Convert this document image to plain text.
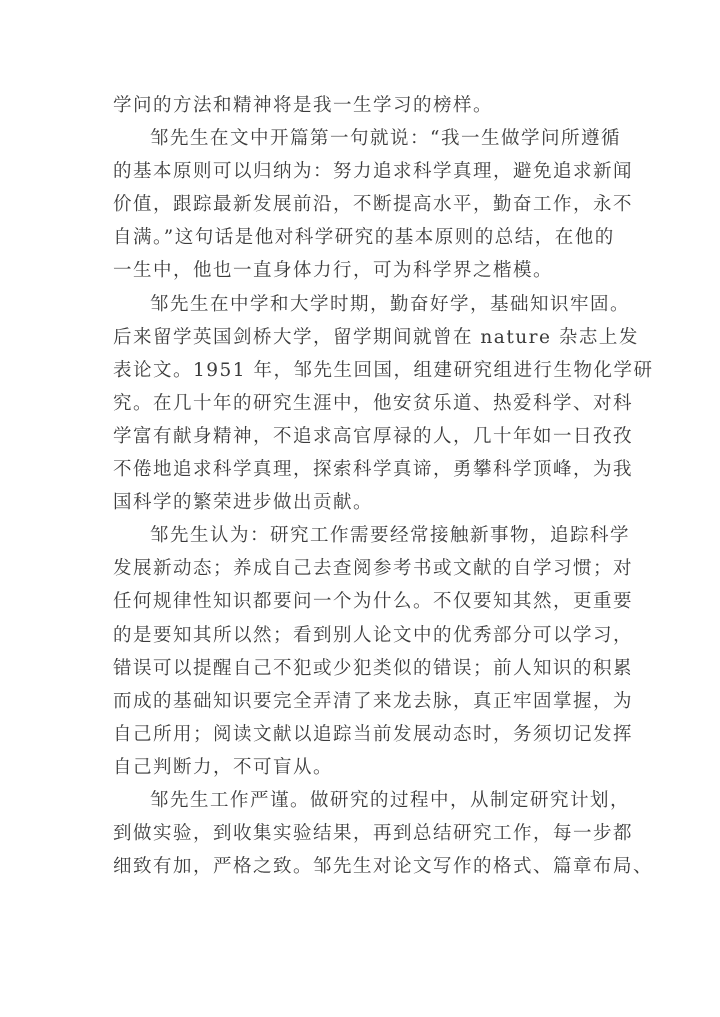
学问的方法和精神将是我一生学习的榜样。
邹先生在文中开篇第一句就说：“我一生做学问所遵循
的基本原则可以归纳为：努力追求科学真理，避免追求新闻
价值，跟踪最新发展前沿，不断提高水平，勤奋工作，永不
自满。”这句话是他对科学研究的基本原则的总结，在他的
一生中，他也一直身体力行，可为科学界之楷模。
邹先生在中学和大学时期，勤奋好学，基础知识牢固。
后来留学英国剑桥大学，留学期间就曾在 nature 杂志上发
表论文。1951 年，邹先生回国，组建研究组进行生物化学研
究。在几十年的研究生涯中，他安贫乐道、热爱科学、对科
学富有献身精神，不追求高官厚禄的人，几十年如一日孜孜
不倦地追求科学真理，探索科学真谛，勇攀科学顶峰，为我
国科学的繁荣进步做出贡献。
邹先生认为：研究工作需要经常接触新事物，追踪科学
发展新动态；养成自己去查阅参考书或文献的自学习惯；对
任何规律性知识都要问一个为什么。不仅要知其然，更重要
的是要知其所以然；看到别人论文中的优秀部分可以学习，
错误可以提醒自己不犯或少犯类似的错误；前人知识的积累
而成的基础知识要完全弄清了来龙去脉，真正牢固掌握，为
自己所用；阅读文献以追踪当前发展动态时，务须切记发挥
自己判断力，不可盲从。
邹先生工作严谨。做研究的过程中，从制定研究计划，
到做实验，到收集实验结果，再到总结研究工作，每一步都
细致有加，严格之致。邹先生对论文写作的格式、篇章布局、
